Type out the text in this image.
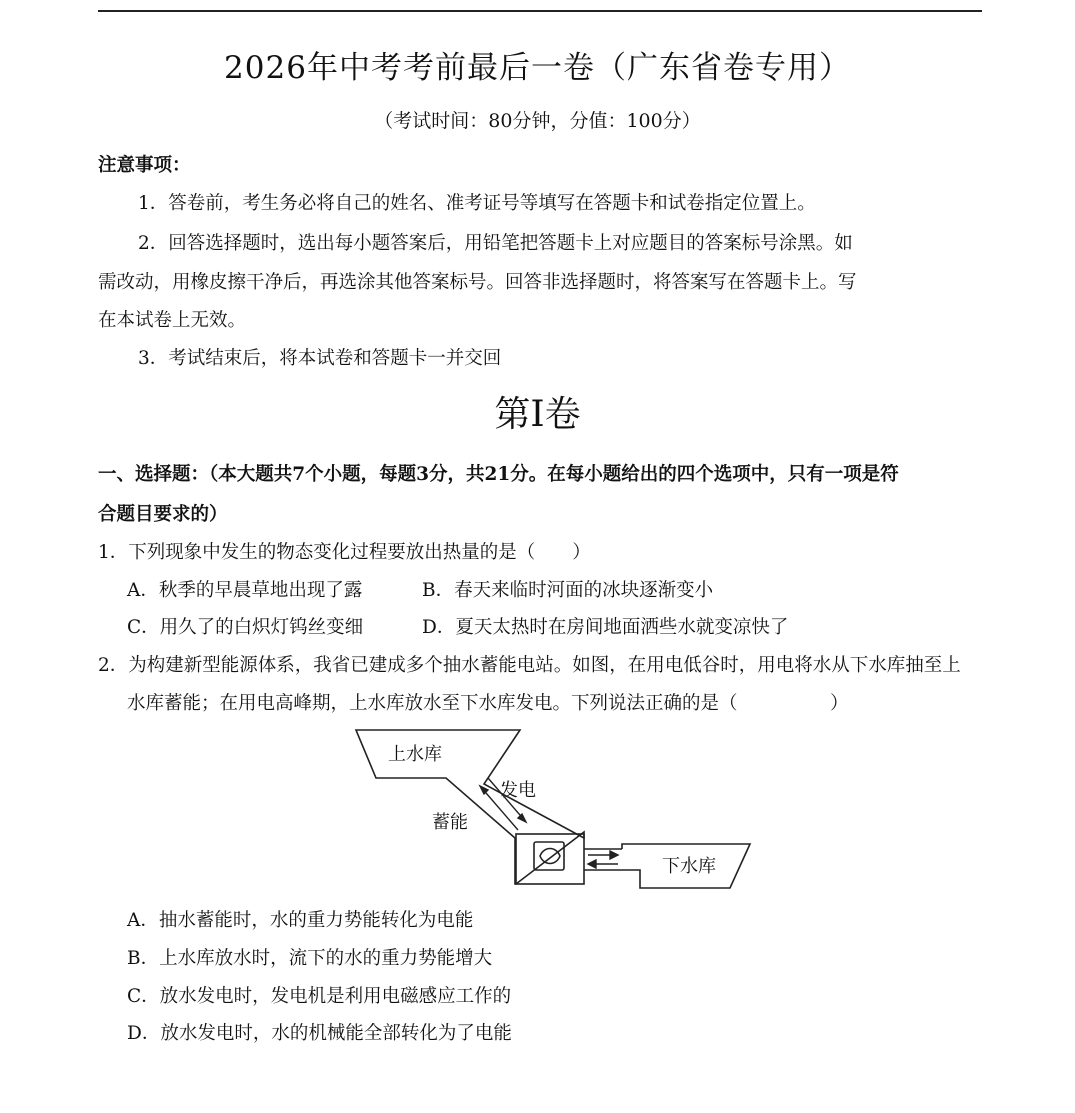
2026年中考考前最后一卷（广东省卷专用）
（考试时间：80分钟，分值：100分）
注意事项：
1．答卷前，考生务必将自己的姓名、准考证号等填写在答题卡和试卷指定位置上。
2．回答选择题时，选出每小题答案后，用铅笔把答题卡上对应题目的答案标号涂黑。如
需改动，用橡皮擦干净后，再选涂其他答案标号。回答非选择题时，将答案写在答题卡上。写
在本试卷上无效。
3．考试结束后，将本试卷和答题卡一并交回
第I卷
一、选择题：（本大题共7个小题，每题3分，共21分。在每小题给出的四个选项中，只有一项是符
合题目要求的）
1．下列现象中发生的物态变化过程要放出热量的是（　　）
A．秋季的早晨草地出现了露	B．春天来临时河面的冰块逐渐变小
C．用久了的白炽灯钨丝变细	D．夏天太热时在房间地面洒些水就变凉快了
2．为构建新型能源体系，我省已建成多个抽水蓄能电站。如图，在用电低谷时，用电将水从下水库抽至上
水库蓄能；在用电高峰期，上水库放水至下水库发电。下列说法正确的是（　　　　　）
上水库
发电
蓄能
下水库
A．抽水蓄能时，水的重力势能转化为电能
B．上水库放水时，流下的水的重力势能增大
C．放水发电时，发电机是利用电磁感应工作的
D．放水发电时，水的机械能全部转化为了电能
